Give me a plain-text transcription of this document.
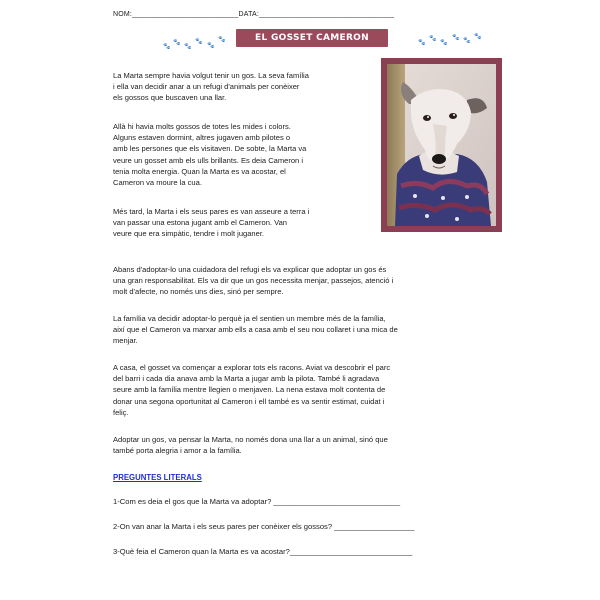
NOM:__________________________DATA:_________________________________
🐾
🐾
🐾
🐾
🐾
🐾	EL GOSSET CAMERON	🐾
🐾
🐾
🐾 🐾
🐾
La Marta sempre havia volgut tenir un gos. La seva família
i ella van decidir anar a un refugi d'animals per conèixer
els gossos que buscaven una llar.
Allà hi havia molts gossos de totes les mides i colors.
Alguns estaven dormint, altres jugaven amb pilotes o
amb les persones que els visitaven. De sobte, la Marta va
veure un gosset amb els ulls brillants. Es deia Cameron i
tenia molta energia. Quan la Marta es va acostar, el
Cameron va moure la cua.
Més tard, la Marta i els seus pares es van asseure a terra i
van passar una estona jugant amb el Cameron. Van
veure que era simpàtic, tendre i molt juganer.
Abans d'adoptar-lo una cuidadora del refugi els va explicar que adoptar un gos és
una gran responsabilitat. Els va dir que un gos necessita menjar, passejos, atenció i
molt d'afecte, no només uns dies, sinó per sempre.
La família va decidir adoptar-lo perquè ja el sentien un membre més de la família,
així que el Cameron va marxar amb ells a casa amb el seu nou collaret i una mica de
menjar.
A casa, el gosset va començar a explorar tots els racons. Aviat va descobrir el parc
del barri i cada dia anava amb la Marta a jugar amb la pilota. També li agradava
seure amb la família mentre llegien o menjaven. La nena estava molt contenta de
donar una segona oportunitat al Cameron i ell també es va sentir estimat, cuidat i
feliç.
Adoptar un gos, va pensar la Marta, no només dona una llar a un animal, sinó que
també porta alegria i amor a la família.
PREGUNTES LITERALS
1-Com es deia el gos que la Marta va adoptar? ______________________________
2-On van anar la Marta i els seus pares per conèixer els gossos? ___________________
3-Què feia el Cameron quan la Marta es va acostar?_____________________________
